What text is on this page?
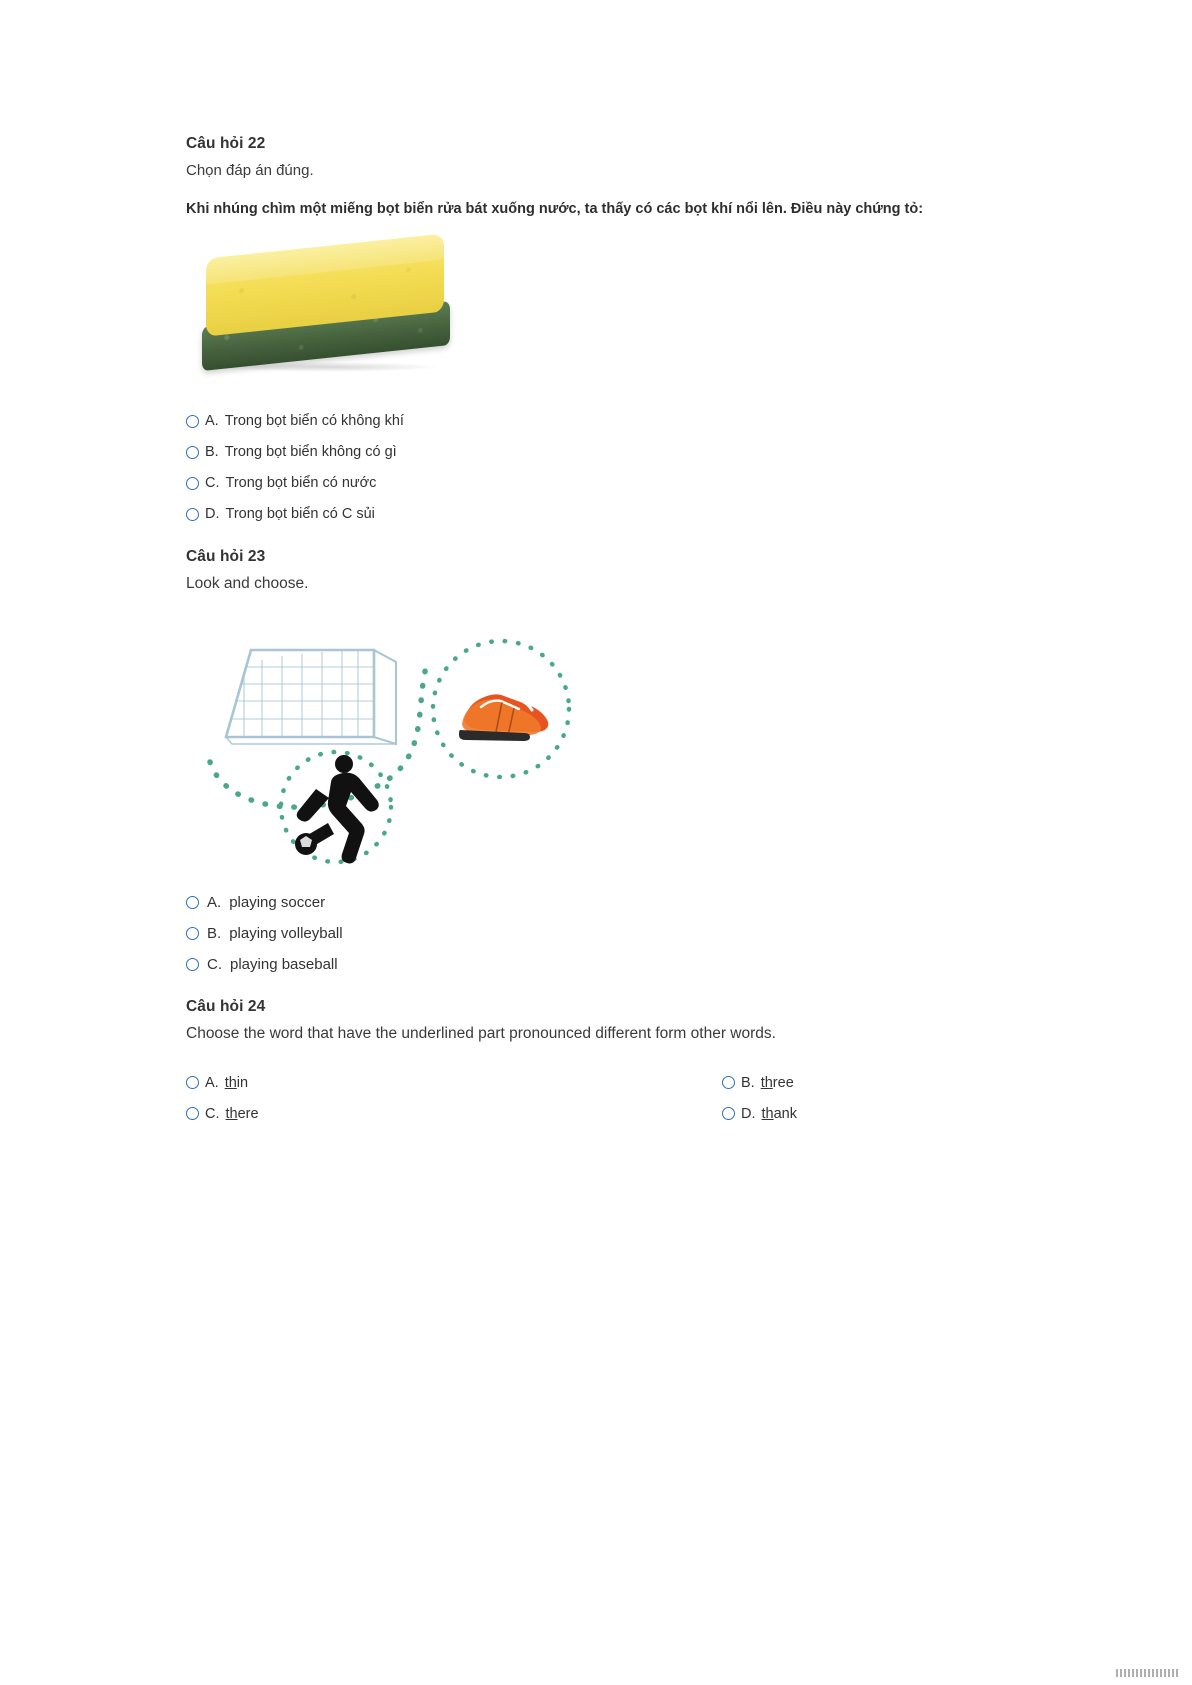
Câu hỏi 22
Chọn đáp án đúng.
Khi nhúng chìm một miếng bọt biển rửa bát xuống nước, ta thấy có các bọt khí nổi lên. Điều này chứng tỏ:
A. Trong bọt biển có không khí
B. Trong bọt biển không có gì
C. Trong bọt biển có nước
D. Trong bọt biển có C sủi
Câu hỏi 23
Look and choose.
A. playing soccer
B. playing volleyball
C. playing baseball
Câu hỏi 24
Choose the word that have the underlined part pronounced different form other words.
A. thin	B. three
C. there	D. thank
